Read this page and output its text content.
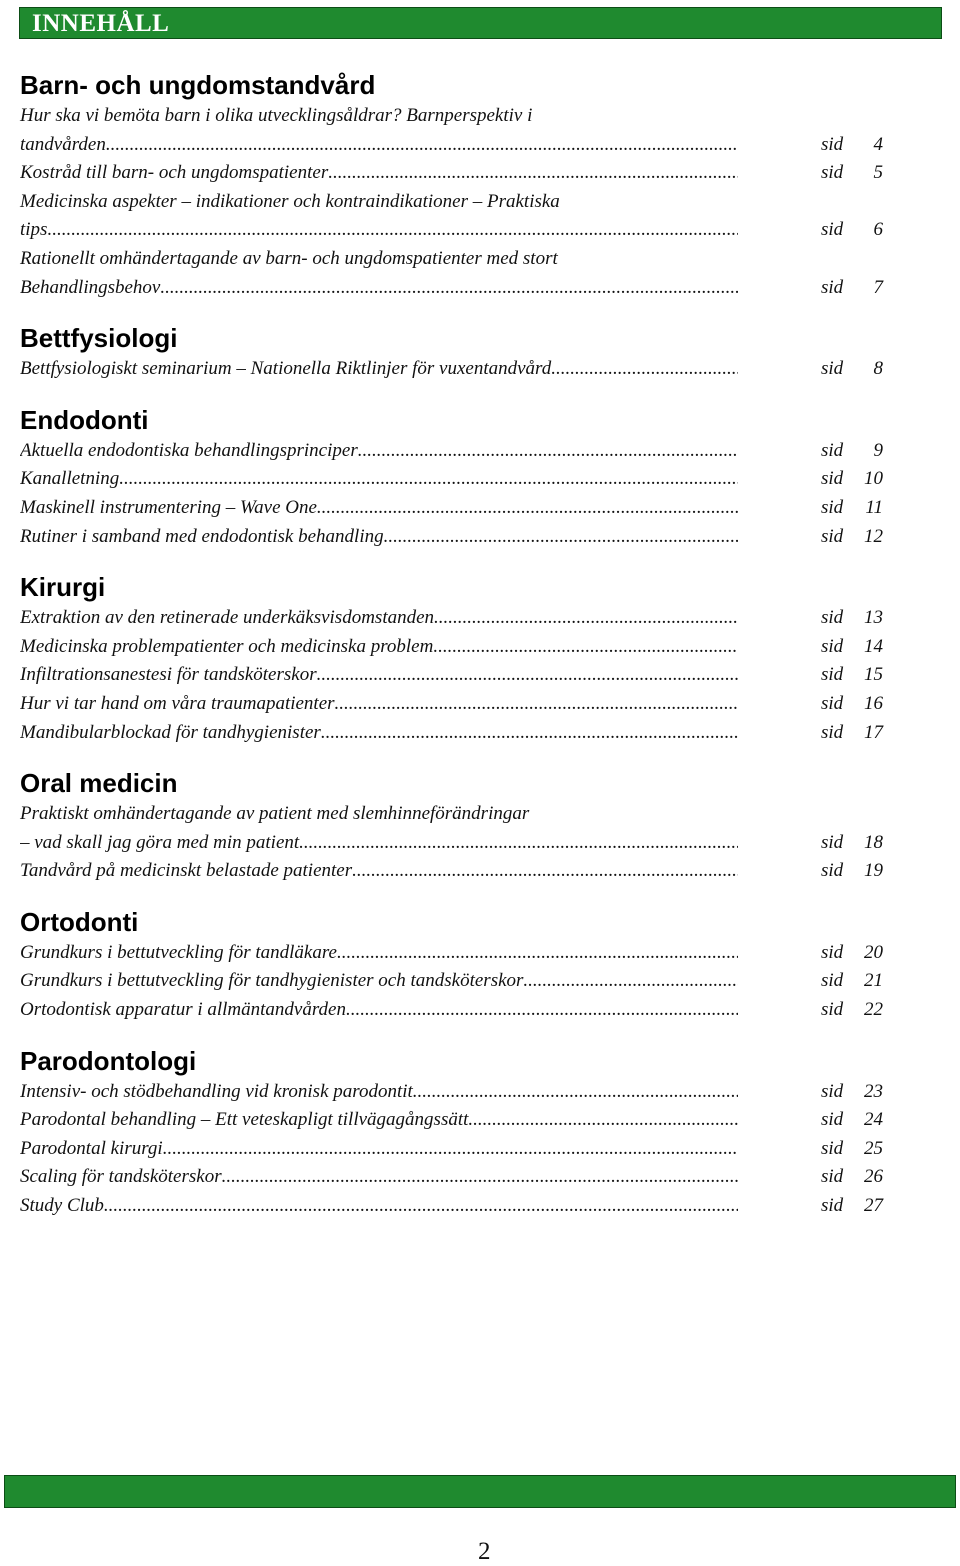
INNEHÅLL
Barn- och ungdomstandvård
Hur ska vi bemöta barn i olika utvecklingsåldrar? Barnperspektiv i
tandvården .....	sid	4
Kostråd till barn- och ungdomspatienter .....	sid	5
Medicinska aspekter – indikationer och kontraindikationer – Praktiska
tips .....	sid	6
Rationellt omhändertagande av barn- och ungdomspatienter med stort
Behandlingsbehov .....	sid	7
Bettfysiologi
Bettfysiologiskt seminarium – Nationella Riktlinjer för vuxentandvård .....	sid	8
Endodonti
Aktuella endodontiska behandlingsprinciper .....	sid	9
Kanalletning .....	sid	10
Maskinell instrumentering – Wave One .....	sid	11
Rutiner i samband med endodontisk behandling .....	sid	12
Kirurgi
Extraktion av den retinerade underkäksvisdomstanden .....	sid	13
Medicinska problempatienter och medicinska problem .....	sid	14
Infiltrationsanestesi för tandsköterskor .....	sid	15
Hur vi tar hand om våra traumapatienter .....	sid	16
Mandibularblockad för tandhygienister .....	sid	17
Oral medicin
Praktiskt omhändertagande av patient med slemhinneförändringar
– vad skall jag göra med min patient .....	sid	18
Tandvård på medicinskt belastade patienter .....	sid	19
Ortodonti
Grundkurs i bettutveckling för tandläkare .....	sid	20
Grundkurs i bettutveckling för tandhygienister och tandsköterskor .....	sid	21
Ortodontisk apparatur i allmäntandvården .....	sid	22
Parodontologi
Intensiv- och stödbehandling vid kronisk parodontit .....	sid	23
Parodontal behandling – Ett veteskapligt tillvägagångssätt .....	sid	24
Parodontal kirurgi .....	sid	25
Scaling för tandsköterskor .....	sid	26
Study Club .....	sid	27
2
